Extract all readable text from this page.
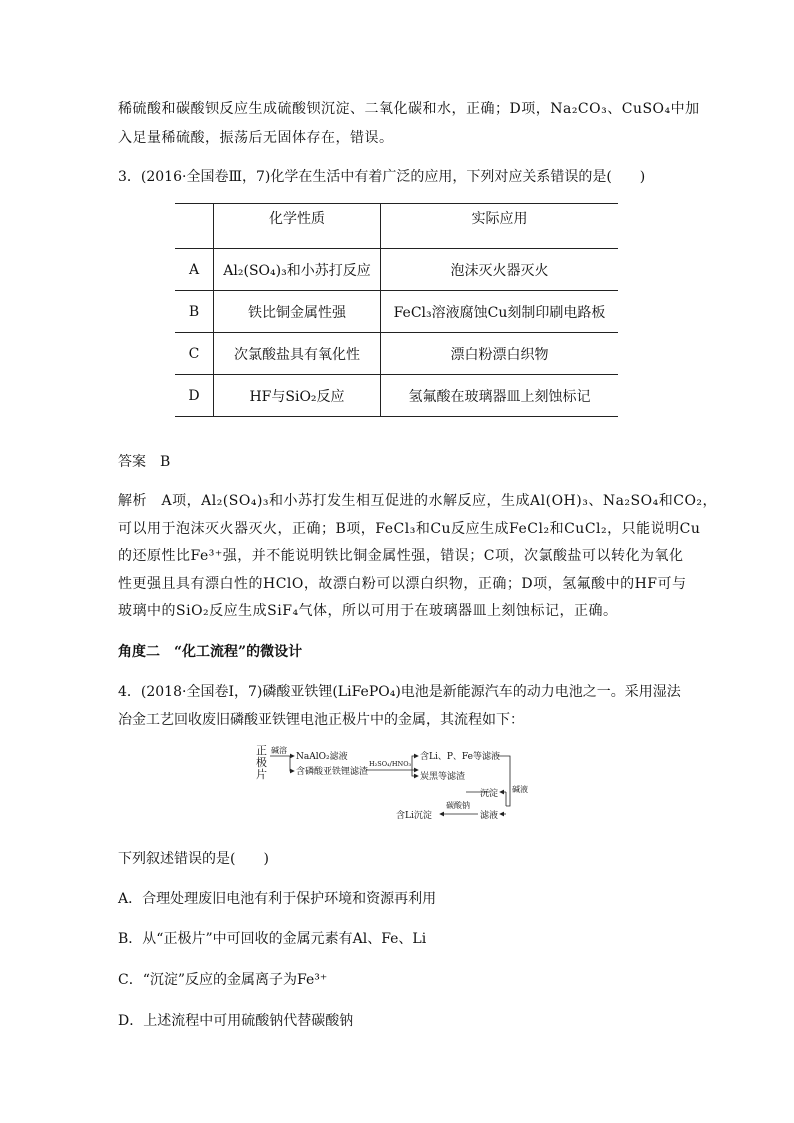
稀硫酸和碳酸钡反应生成硫酸钡沉淀、二氧化碳和水，正确；D项，Na₂CO₃、CuSO₄中加
入足量稀硫酸，振荡后无固体存在，错误。
3．(2016·全国卷Ⅲ，7)化学在生活中有着广泛的应用，下列对应关系错误的是(　　)
	化学性质	实际应用
A	Al₂(SO₄)₃和小苏打反应	泡沫灭火器灭火
B	铁比铜金属性强	FeCl₃溶液腐蚀Cu刻制印刷电路板
C	次氯酸盐具有氧化性	漂白粉漂白织物
D	HF与SiO₂反应	氢氟酸在玻璃器皿上刻蚀标记
答案　B
解析　A项，Al₂(SO₄)₃和小苏打发生相互促进的水解反应，生成Al(OH)₃、Na₂SO₄和CO₂，
可以用于泡沫灭火器灭火，正确；B项，FeCl₃和Cu反应生成FeCl₂和CuCl₂，只能说明Cu
的还原性比Fe³⁺强，并不能说明铁比铜金属性强，错误；C项，次氯酸盐可以转化为氧化
性更强且具有漂白性的HClO，故漂白粉可以漂白织物，正确；D项，氢氟酸中的HF可与
玻璃中的SiO₂反应生成SiF₄气体，所以可用于在玻璃器皿上刻蚀标记，正确。
角度二　“化工流程”的微设计
4．(2018·全国卷Ⅰ，7)磷酸亚铁锂(LiFePO₄)电池是新能源汽车的动力电池之一。采用湿法
冶金工艺回收废旧磷酸亚铁锂电池正极片中的金属，其流程如下：
正
极
片
碱溶
NaAlO₂滤液
含磷酸亚铁锂滤渣
H₂SO₄/HNO₃
含Li、P、Fe等滤液
炭黑等滤渣
碱液
沉淀
滤液
碳酸钠
含Li沉淀
下列叙述错误的是(　　)
A．合理处理废旧电池有利于保护环境和资源再利用
B．从“正极片”中可回收的金属元素有Al、Fe、Li
C．“沉淀”反应的金属离子为Fe³⁺
D．上述流程中可用硫酸钠代替碳酸钠
